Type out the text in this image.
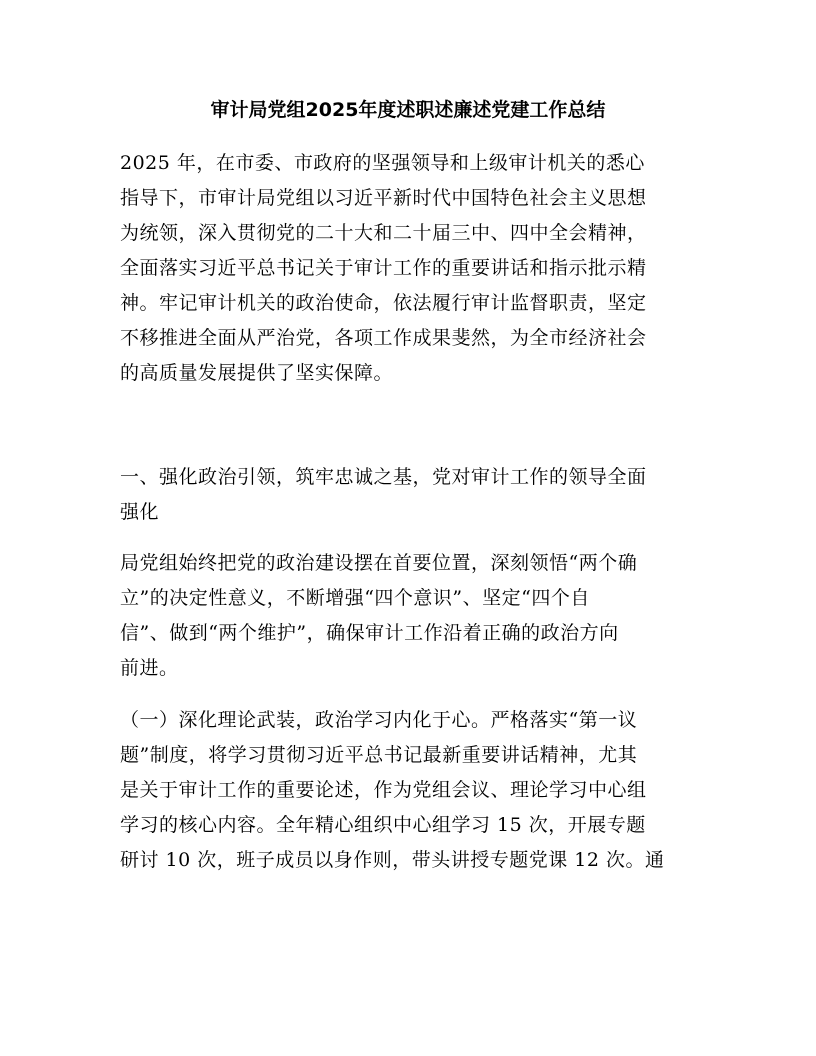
审计局党组2025年度述职述廉述党建工作总结

2025 年，在市委、市政府的坚强领导和上级审计机关的悉心
指导下，市审计局党组以习近平新时代中国特色社会主义思想
为统领，深入贯彻党的二十大和二十届三中、四中全会精神，
全面落实习近平总书记关于审计工作的重要讲话和指示批示精
神。牢记审计机关的政治使命，依法履行审计监督职责，坚定
不移推进全面从严治党，各项工作成果斐然，为全市经济社会
的高质量发展提供了坚实保障。

一、强化政治引领，筑牢忠诚之基，党对审计工作的领导全面
强化

局党组始终把党的政治建设摆在首要位置，深刻领悟“两个确
立”的决定性意义，不断增强“四个意识”、坚定“四个自
信”、做到“两个维护”，确保审计工作沿着正确的政治方向
前进。

（一）深化理论武装，政治学习内化于心。严格落实“第一议
题”制度，将学习贯彻习近平总书记最新重要讲话精神，尤其
是关于审计工作的重要论述，作为党组会议、理论学习中心组
学习的核心内容。全年精心组织中心组学习 15 次，开展专题
研讨 10 次，班子成员以身作则，带头讲授专题党课 12 次。通
